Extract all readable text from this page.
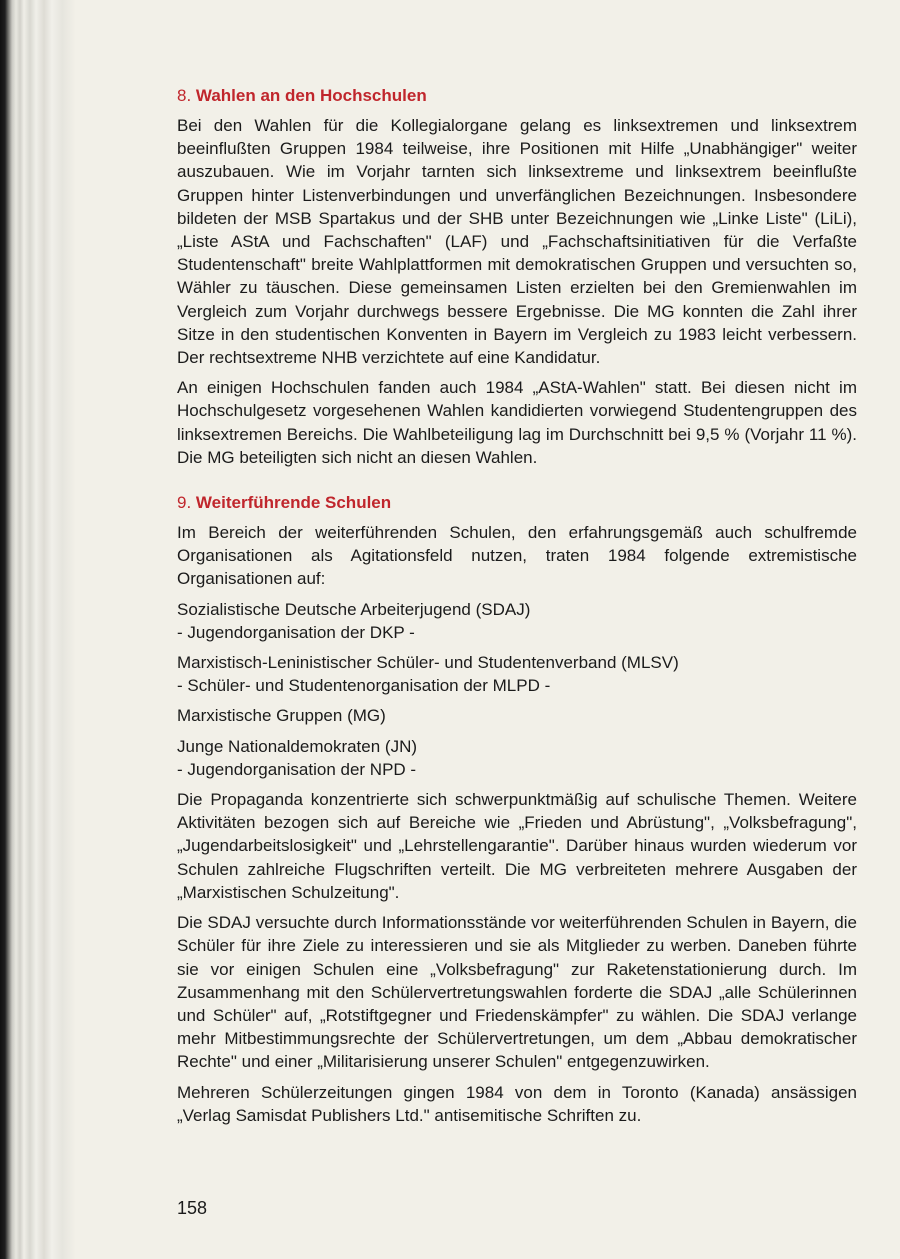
8. Wahlen an den Hochschulen

Bei den Wahlen für die Kollegialorgane gelang es linksextremen und linksextrem beeinflußten Gruppen 1984 teilweise, ihre Positionen mit Hilfe „Unabhängiger" weiter auszubauen. Wie im Vorjahr tarnten sich linksextreme und linksextrem beeinflußte Gruppen hinter Listenverbindungen und unverfänglichen Bezeichnungen. Insbesondere bildeten der MSB Spartakus und der SHB unter Bezeichnungen wie „Linke Liste" (LiLi), „Liste AStA und Fachschaften" (LAF) und „Fachschaftsinitiativen für die Verfaßte Studentenschaft" breite Wahlplattformen mit demokratischen Gruppen und versuchten so, Wähler zu täuschen. Diese gemeinsamen Listen erzielten bei den Gremienwahlen im Vergleich zum Vorjahr durchwegs bessere Ergebnisse. Die MG konnten die Zahl ihrer Sitze in den studentischen Konventen in Bayern im Vergleich zu 1983 leicht verbessern. Der rechtsextreme NHB verzichtete auf eine Kandidatur.

An einigen Hochschulen fanden auch 1984 „AStA-Wahlen" statt. Bei diesen nicht im Hochschulgesetz vorgesehenen Wahlen kandidierten vorwiegend Studentengruppen des linksextremen Bereichs. Die Wahlbeteiligung lag im Durchschnitt bei 9,5 % (Vorjahr 11 %). Die MG beteiligten sich nicht an diesen Wahlen.

9. Weiterführende Schulen

Im Bereich der weiterführenden Schulen, den erfahrungsgemäß auch schulfremde Organisationen als Agitationsfeld nutzen, traten 1984 folgende extremistische Organisationen auf:

Sozialistische Deutsche Arbeiterjugend (SDAJ)
- Jugendorganisation der DKP -
Marxistisch-Leninistischer Schüler- und Studentenverband (MLSV)
- Schüler- und Studentenorganisation der MLPD -
Marxistische Gruppen (MG)
Junge Nationaldemokraten (JN)
- Jugendorganisation der NPD -

Die Propaganda konzentrierte sich schwerpunktmäßig auf schulische Themen. Weitere Aktivitäten bezogen sich auf Bereiche wie „Frieden und Abrüstung", „Volksbefragung", „Jugendarbeitslosigkeit" und „Lehrstellengarantie". Darüber hinaus wurden wiederum vor Schulen zahlreiche Flugschriften verteilt. Die MG verbreiteten mehrere Ausgaben der „Marxistischen Schulzeitung".

Die SDAJ versuchte durch Informationsstände vor weiterführenden Schulen in Bayern, die Schüler für ihre Ziele zu interessieren und sie als Mitglieder zu werben. Daneben führte sie vor einigen Schulen eine „Volksbefragung" zur Raketenstationierung durch. Im Zusammenhang mit den Schülervertretungswahlen forderte die SDAJ „alle Schülerinnen und Schüler" auf, „Rotstiftgegner und Friedenskämpfer" zu wählen. Die SDAJ verlange mehr Mitbestimmungsrechte der Schülervertretungen, um dem „Abbau demokratischer Rechte" und einer „Militarisierung unserer Schulen" entgegenzuwirken.

Mehreren Schülerzeitungen gingen 1984 von dem in Toronto (Kanada) ansässigen „Verlag Samisdat Publishers Ltd." antisemitische Schriften zu.

158
